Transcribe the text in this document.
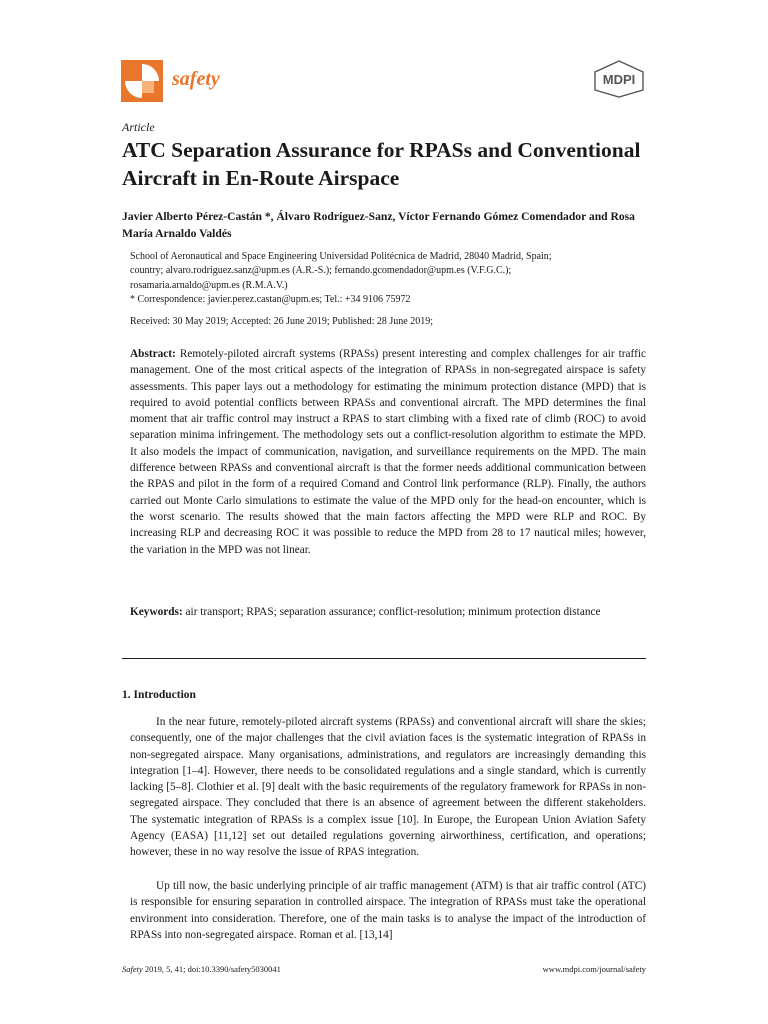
safety	MDPI
Article
ATC Separation Assurance for RPASs and Conventional Aircraft in En-Route Airspace
Javier Alberto Pérez-Castán *, Álvaro Rodríguez-Sanz, Víctor Fernando Gómez Comendador and Rosa María Arnaldo Valdés
School of Aeronautical and Space Engineering Universidad Politécnica de Madrid, 28040 Madrid, Spain;
country; alvaro.rodriguez.sanz@upm.es (A.R.-S.); fernando.gcomendador@upm.es (V.F.G.C.);
rosamaria.arnaldo@upm.es (R.M.A.V.)
* Correspondence: javier.perez.castan@upm.es; Tel.: +34 9106 75972
Received: 30 May 2019; Accepted: 26 June 2019; Published: 28 June 2019;
Abstract: Remotely-piloted aircraft systems (RPASs) present interesting and complex challenges for air traffic management. One of the most critical aspects of the integration of RPASs in non-segregated airspace is safety assessments. This paper lays out a methodology for estimating the minimum protection distance (MPD) that is required to avoid potential conflicts between RPASs and conventional aircraft. The MPD determines the final moment that air traffic control may instruct a RPAS to start climbing with a fixed rate of climb (ROC) to avoid separation minima infringement. The methodology sets out a conflict-resolution algorithm to estimate the MPD. It also models the impact of communication, navigation, and surveillance requirements on the MPD. The main difference between RPASs and conventional aircraft is that the former needs additional communication between the RPAS and pilot in the form of a required Comand and Control link performance (RLP). Finally, the authors carried out Monte Carlo simulations to estimate the value of the MPD only for the head-on encounter, which is the worst scenario. The results showed that the main factors affecting the MPD were RLP and ROC. By increasing RLP and decreasing ROC it was possible to reduce the MPD from 28 to 17 nautical miles; however, the variation in the MPD was not linear.
Keywords: air transport; RPAS; separation assurance; conflict-resolution; minimum protection distance
1. Introduction
In the near future, remotely-piloted aircraft systems (RPASs) and conventional aircraft will share the skies; consequently, one of the major challenges that the civil aviation faces is the systematic integration of RPASs in non-segregated airspace. Many organisations, administrations, and regulators are increasingly demanding this integration [1–4]. However, there needs to be consolidated regulations and a single standard, which is currently lacking [5–8]. Clothier et al. [9] dealt with the basic requirements of the regulatory framework for RPASs in non-segregated airspace. They concluded that there is an absence of agreement between the different stakeholders. The systematic integration of RPASs is a complex issue [10]. In Europe, the European Union Aviation Safety Agency (EASA) [11,12] set out detailed regulations governing airworthiness, certification, and operations; however, these in no way resolve the issue of RPAS integration.
Up till now, the basic underlying principle of air traffic management (ATM) is that air traffic control (ATC) is responsible for ensuring separation in controlled airspace. The integration of RPASs must take the operational environment into consideration. Therefore, one of the main tasks is to analyse the impact of the introduction of RPASs into non-segregated airspace. Roman et al. [13,14]
Safety 2019, 5, 41; doi:10.3390/safety5030041	www.mdpi.com/journal/safety
